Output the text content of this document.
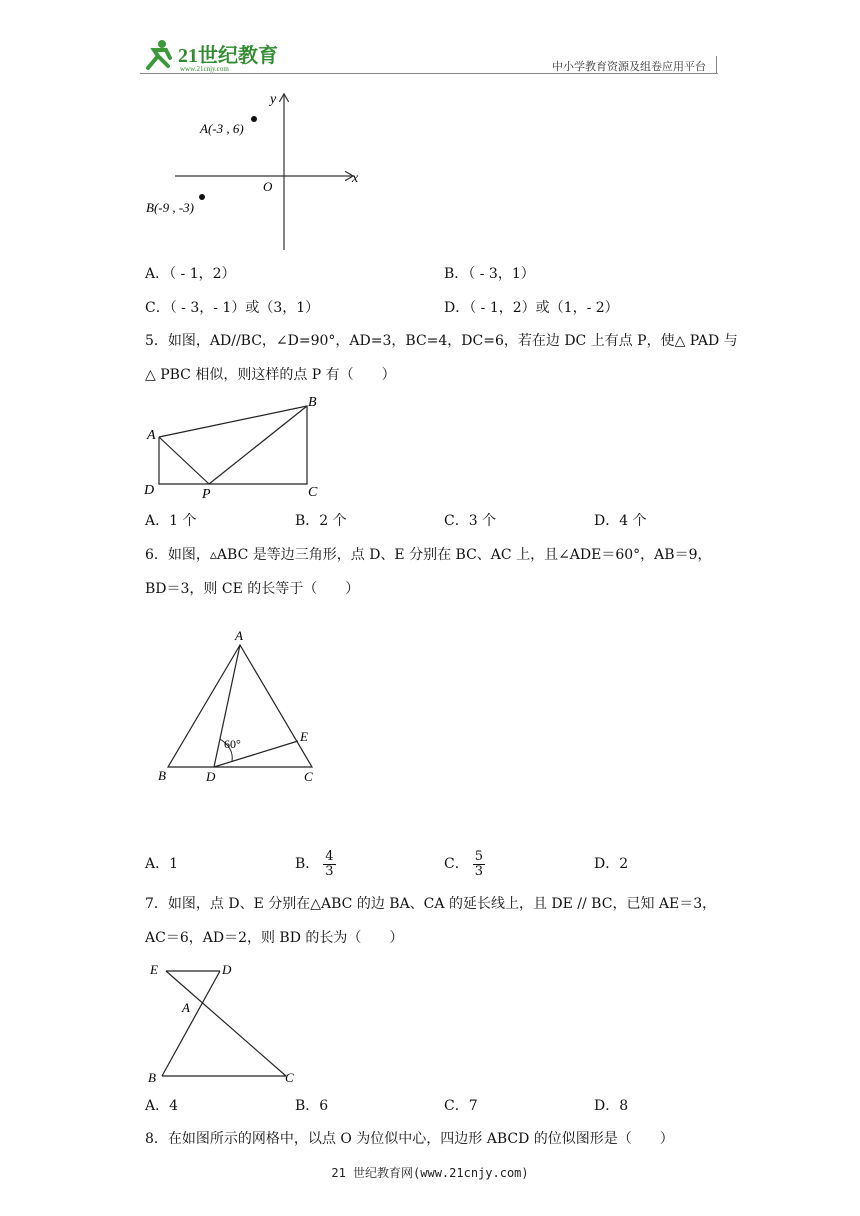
21世纪教育
www.21cnjy.com	中小学教育资源及组卷应用平台
y
x
O
A(-3 , 6)
B(-9 , -3)
A．（ - 1，2）	B．（ - 3，1）
C．（ - 3，- 1）或（3，1）	D．（ - 1，2）或（1，- 2）
5．如图，AD//BC，∠D=90°，AD=3，BC=4，DC=6，若在边 DC 上有点 P，使△ PAD 与
△ PBC 相似，则这样的点 P 有（　　）
A
B
C
D	P
A．1 个	B．2 个	C．3 个	D．4 个
6．如图，▵ABC 是等边三角形，点 D、E 分别在 BC、AC 上，且∠ADE＝60°，AB＝9，
BD＝3，则 CE 的长等于（　　）
60°
A
B	C
D
E
A．1	B． $\frac{4}{3}$	C． $\frac{5}{3}$	D．2
7．如图，点 D、E 分别在△ABC 的边 BA、CA 的延长线上，且 DE // BC，已知 AE＝3，
AC＝6，AD＝2，则 BD 的长为（　　）
E	D
A
B	C
A．4	B．6	C．7	D．8
8．在如图所示的网格中，以点 O 为位似中心，四边形 ABCD 的位似图形是（　　）
21 世纪教育网(www.21cnjy.com)
